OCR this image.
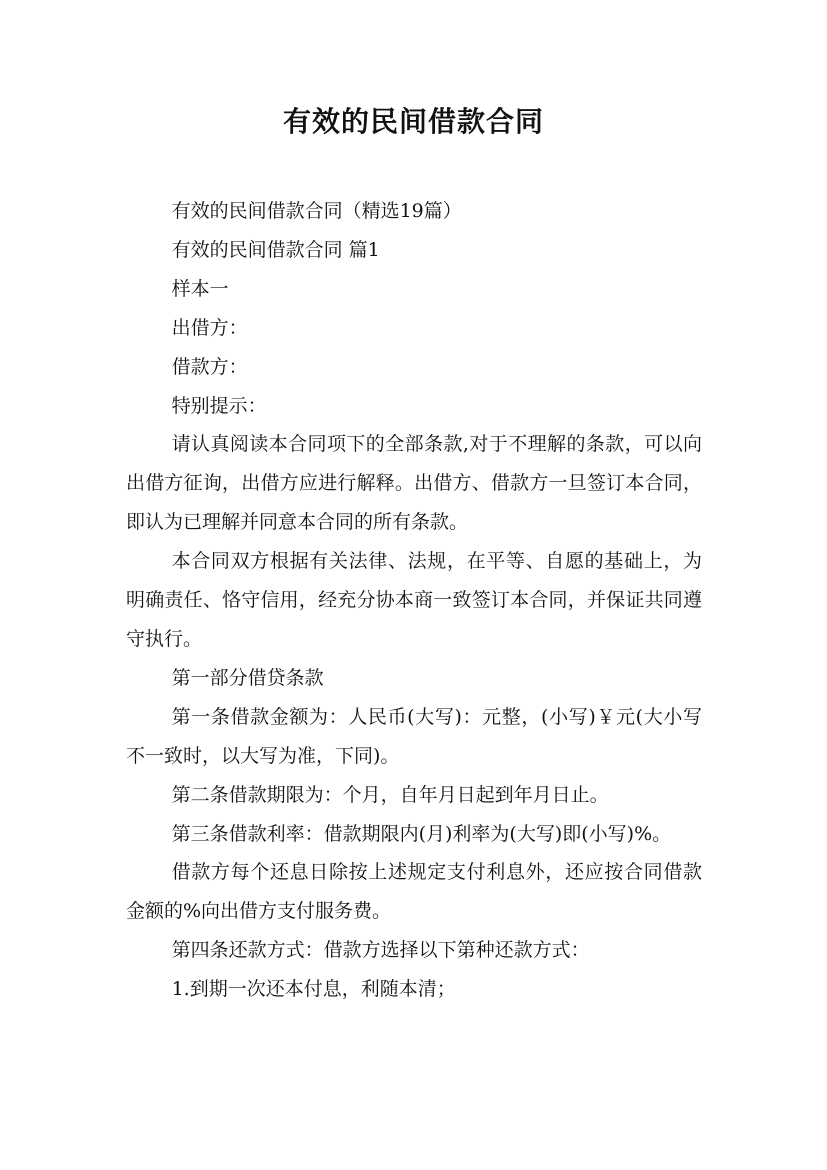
有效的民间借款合同

有效的民间借款合同（精选19篇）

有效的民间借款合同 篇1

样本一

出借方：

借款方：

特别提示：

请认真阅读本合同项下的全部条款,对于不理解的条款，可以向出借方征询，出借方应进行解释。出借方、借款方一旦签订本合同，即认为已理解并同意本合同的所有条款。

本合同双方根据有关法律、法规，在平等、自愿的基础上，为明确责任、恪守信用，经充分协本商一致签订本合同，并保证共同遵守执行。

第一部分借贷条款

第一条借款金额为：人民币(大写)：元整，(小写)￥元(大小写不一致时，以大写为准，下同)。

第二条借款期限为：个月，自年月日起到年月日止。

第三条借款利率：借款期限内(月)利率为(大写)即(小写)%。

借款方每个还息日除按上述规定支付利息外，还应按合同借款金额的%向出借方支付服务费。

第四条还款方式：借款方选择以下第种还款方式：

1.到期一次还本付息，利随本清；
